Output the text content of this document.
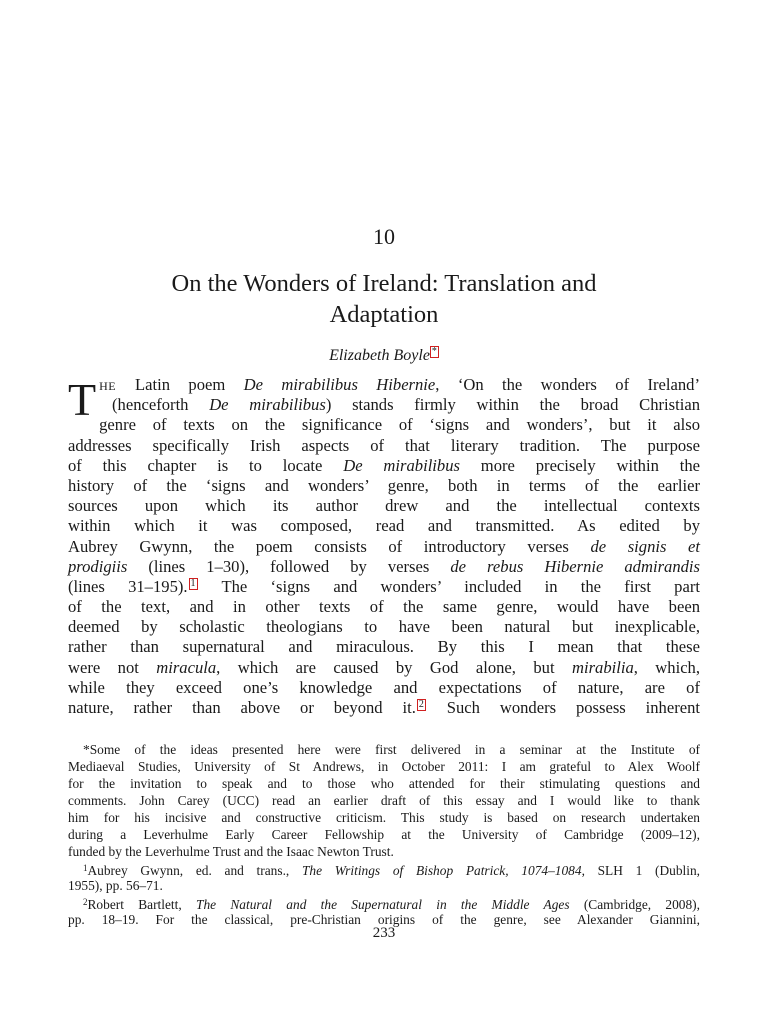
10
On the Wonders of Ireland: Translation and
Adaptation
Elizabeth Boyle *
T he Latin poem De mirabilibus Hibernie, ‘On the wonders of Ireland’
(henceforth De mirabilibus) stands firmly within the broad Christian
genre of texts on the significance of ‘signs and wonders’, but it also
addresses specifically Irish aspects of that literary tradition. The purpose
of this chapter is to locate De mirabilibus more precisely within the
history of the ‘signs and wonders’ genre, both in terms of the earlier
sources upon which its author drew and the intellectual contexts
within which it was composed, read and transmitted. As edited by
Aubrey Gwynn, the poem consists of introductory verses de signis et
prodigiis (lines 1–30), followed by verses de rebus Hibernie admirandis
(lines 31–195). 1 The ‘signs and wonders’ included in the first part
of the text, and in other texts of the same genre, would have been
deemed by scholastic theologians to have been natural but inexplicable,
rather than supernatural and miraculous. By this I mean that these
were not miracula, which are caused by God alone, but mirabilia, which,
while they exceed one’s knowledge and expectations of nature, are of
nature, rather than above or beyond it. 2 Such wonders possess inherent
*Some of the ideas presented here were first delivered in a seminar at the Institute of
Mediaeval Studies, University of St Andrews, in October 2011: I am grateful to Alex Woolf
for the invitation to speak and to those who attended for their stimulating questions and
comments. John Carey (UCC) read an earlier draft of this essay and I would like to thank
him for his incisive and constructive criticism. This study is based on research undertaken
during a Leverhulme Early Career Fellowship at the University of Cambridge (2009–12),
funded by the Leverhulme Trust and the Isaac Newton Trust.
$^1$Aubrey Gwynn, ed. and trans., The Writings of Bishop Patrick, 1074–1084, SLH 1 (Dublin,
1955), pp. 56–71.
$^2$Robert Bartlett, The Natural and the Supernatural in the Middle Ages (Cambridge, 2008),
pp. 18–19. For the classical, pre-Christian origins of the genre, see Alexander Giannini,
233
